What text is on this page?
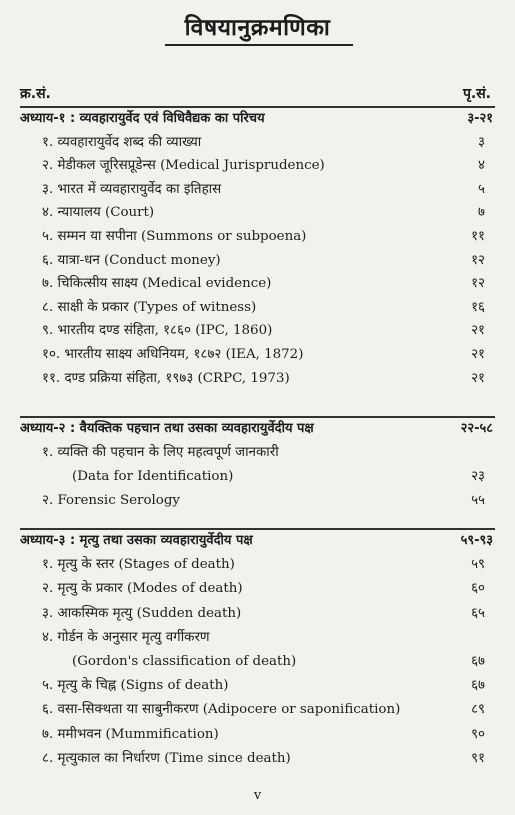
विषयानुक्रमणिका
क्र.सं.	पृ.सं.
अध्याय-१ : व्यवहारायुर्वेद एवं विधिवैद्यक का परिचय	३-२१
१. व्यवहारायुर्वेद शब्द की व्याख्या	३
२. मेडीकल जूरिसप्रूडेन्स (Medical Jurisprudence)	४
३. भारत में व्यवहारायुर्वेद का इतिहास	५
४. न्यायालय (Court)	७
५. सम्मन या सपीना (Summons or subpoena)	११
६. यात्रा-धन (Conduct money)	१२
७. चिकित्सीय साक्ष्य (Medical evidence)	१२
८. साक्षी के प्रकार (Types of witness)	१६
९. भारतीय दण्ड संहिता, १८६० (IPC, 1860)	२१
१०. भारतीय साक्ष्य अधिनियम, १८७२ (IEA, 1872)	२१
११. दण्ड प्रक्रिया संहिता, १९७३ (CRPC, 1973)	२१
अध्याय-२ : वैयक्तिक पहचान तथा उसका व्यवहारायुर्वेदीय पक्ष	२२-५८
१. व्यक्ति की पहचान के लिए महत्वपूर्ण जानकारी
(Data for Identification)	२३
२. Forensic Serology	५५
अध्याय-३ : मृत्यु तथा उसका व्यवहारायुर्वेदीय पक्ष	५९-९३
१. मृत्यु के स्तर (Stages of death)	५९
२. मृत्यु के प्रकार (Modes of death)	६०
३. आकस्मिक मृत्यु (Sudden death)	६५
४. गोर्डन के अनुसार मृत्यु वर्गीकरण
(Gordon's classification of death)	६७
५. मृत्यु के चिह्न (Signs of death)	६७
६. वसा-सिक्थता या साबुनीकरण (Adipocere or saponification)	८९
७. ममीभवन (Mummification)	९०
८. मृत्युकाल का निर्धारण (Time since death)	९१
v
